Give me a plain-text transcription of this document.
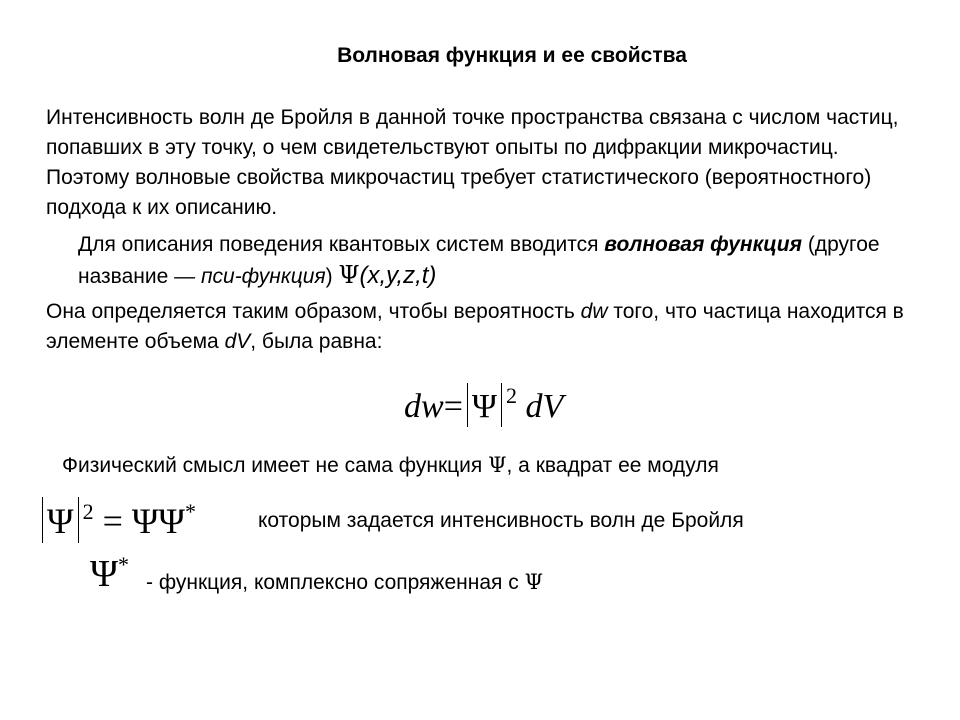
Волновая функция и ее свойства

Интенсивность волн де Бройля в данной точке пространства связана с числом частиц, попавших в эту точку, о чем свидетельствуют опыты по дифракции микрочастиц. Поэтому волновые свойства микрочастиц требует статистического (вероятностного) подхода к их описанию.

Для описания поведения квантовых систем вводится волновая функция (другое название — пси-функция) Ψ(x,y,z,t)

Она определяется таким образом, чтобы вероятность dw того, что частица находится в элементе объема dV, была равна:

dw= Ψ $^2$ dV

Физический смысл имеет не сама функция Ψ, а квадрат ее модуля

Ψ $^2$ = ΨΨ*	которым задается интенсивность волн де Бройля
Ψ*
- функция, комплексно сопряженная с Ψ
